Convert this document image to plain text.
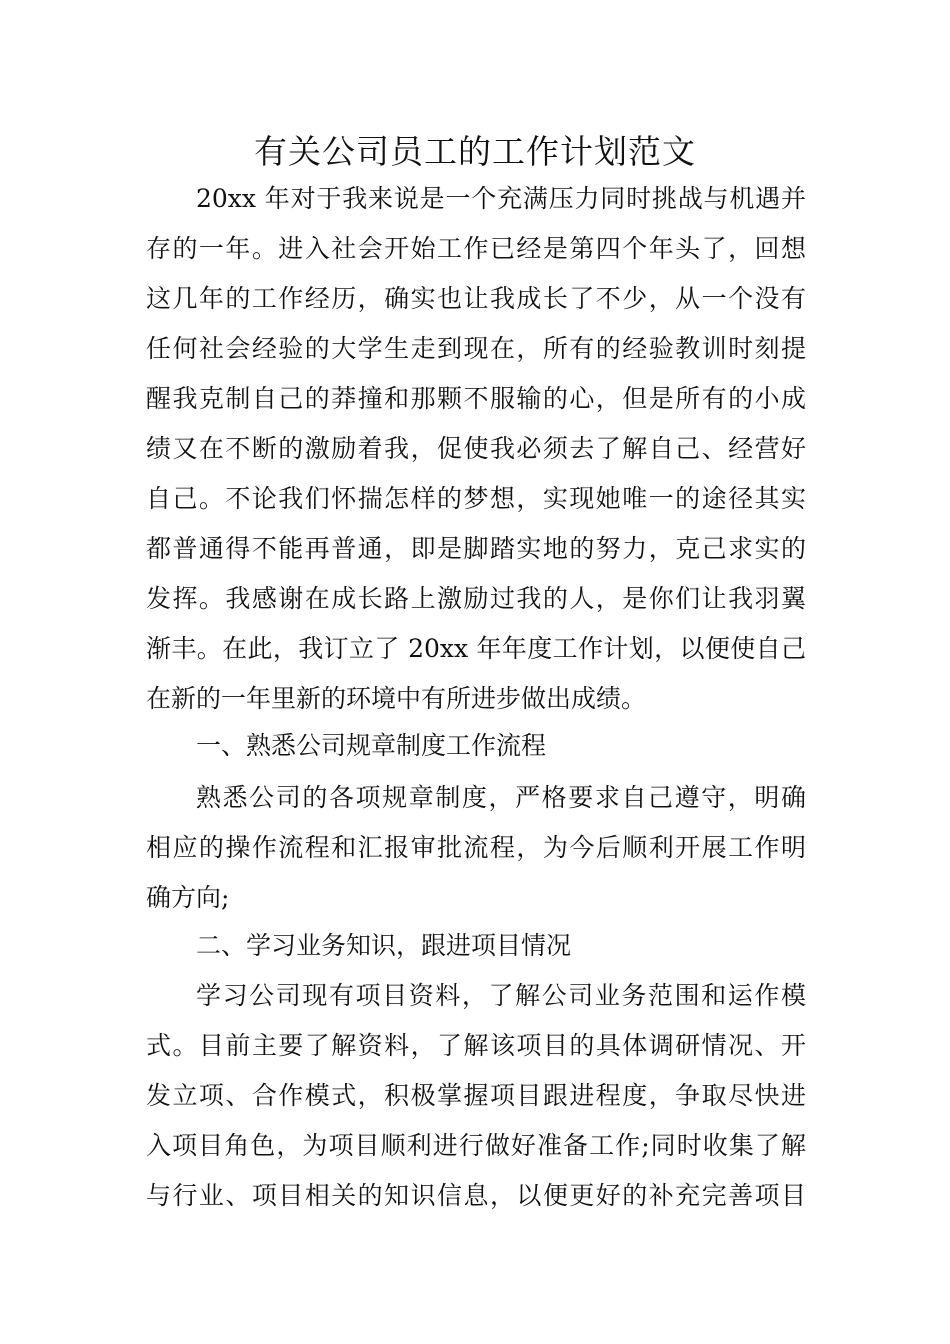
有关公司员工的工作计划范文
20xx 年对于我来说是一个充满压力同时挑战与机遇并
存的一年。进入社会开始工作已经是第四个年头了，回想
这几年的工作经历，确实也让我成长了不少，从一个没有
任何社会经验的大学生走到现在，所有的经验教训时刻提
醒我克制自己的莽撞和那颗不服输的心，但是所有的小成
绩又在不断的激励着我，促使我必须去了解自己、经营好
自己。不论我们怀揣怎样的梦想，实现她唯一的途径其实
都普通得不能再普通，即是脚踏实地的努力，克己求实的
发挥。我感谢在成长路上激励过我的人，是你们让我羽翼
渐丰。在此，我订立了 20xx 年年度工作计划，以便使自己
在新的一年里新的环境中有所进步做出成绩。
一、熟悉公司规章制度工作流程
熟悉公司的各项规章制度，严格要求自己遵守，明确
相应的操作流程和汇报审批流程，为今后顺利开展工作明
确方向;
二、学习业务知识，跟进项目情况
学习公司现有项目资料，了解公司业务范围和运作模
式。目前主要了解资料，了解该项目的具体调研情况、开
发立项、合作模式，积极掌握项目跟进程度，争取尽快进
入项目角色，为项目顺利进行做好准备工作;同时收集了解
与行业、项目相关的知识信息，以便更好的补充完善项目
